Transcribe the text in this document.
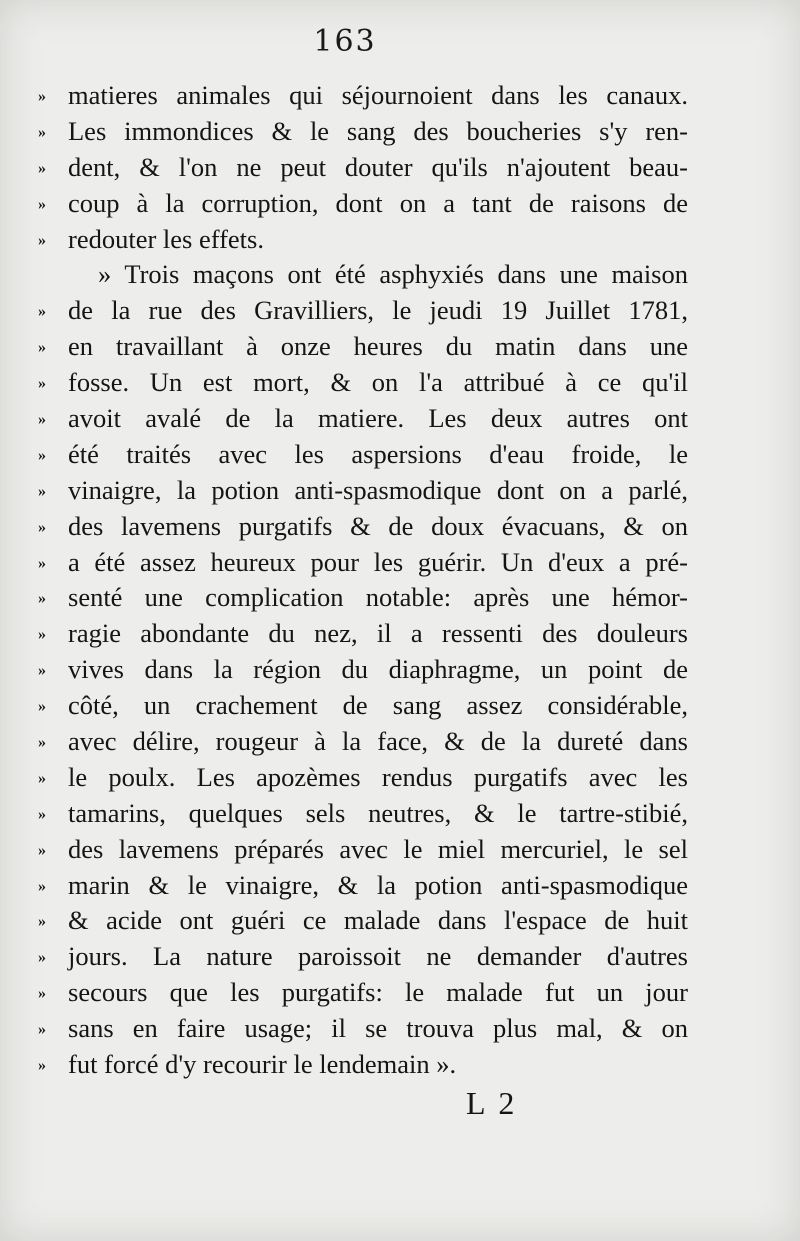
163
» matieres animales qui séjournoient dans les canaux.
» Les immondices & le sang des boucheries s'y ren-
» dent, & l'on ne peut douter qu'ils n'ajoutent beau-
» coup à la corruption, dont on a tant de raisons de
» redouter les effets.
» Trois maçons ont été asphyxiés dans une maison
» de la rue des Gravilliers, le jeudi 19 Juillet 1781,
» en travaillant à onze heures du matin dans une
» fosse. Un est mort, & on l'a attribué à ce qu'il
» avoit avalé de la matiere. Les deux autres ont
» été traités avec les aspersions d'eau froide, le
» vinaigre, la potion anti-spasmodique dont on a parlé,
» des lavemens purgatifs & de doux évacuans, & on
» a été assez heureux pour les guérir. Un d'eux a pré-
» senté une complication notable: après une hémor-
» ragie abondante du nez, il a ressenti des douleurs
» vives dans la région du diaphragme, un point de
» côté, un crachement de sang assez considérable,
» avec délire, rougeur à la face, & de la dureté dans
» le poulx. Les apozèmes rendus purgatifs avec les
» tamarins, quelques sels neutres, & le tartre-stibié,
» des lavemens préparés avec le miel mercuriel, le sel
» marin & le vinaigre, & la potion anti-spasmodique
» & acide ont guéri ce malade dans l'espace de huit
» jours. La nature paroissoit ne demander d'autres
» secours que les purgatifs: le malade fut un jour
» sans en faire usage; il se trouva plus mal, & on
» fut forcé d'y recourir le lendemain ».
L 2
